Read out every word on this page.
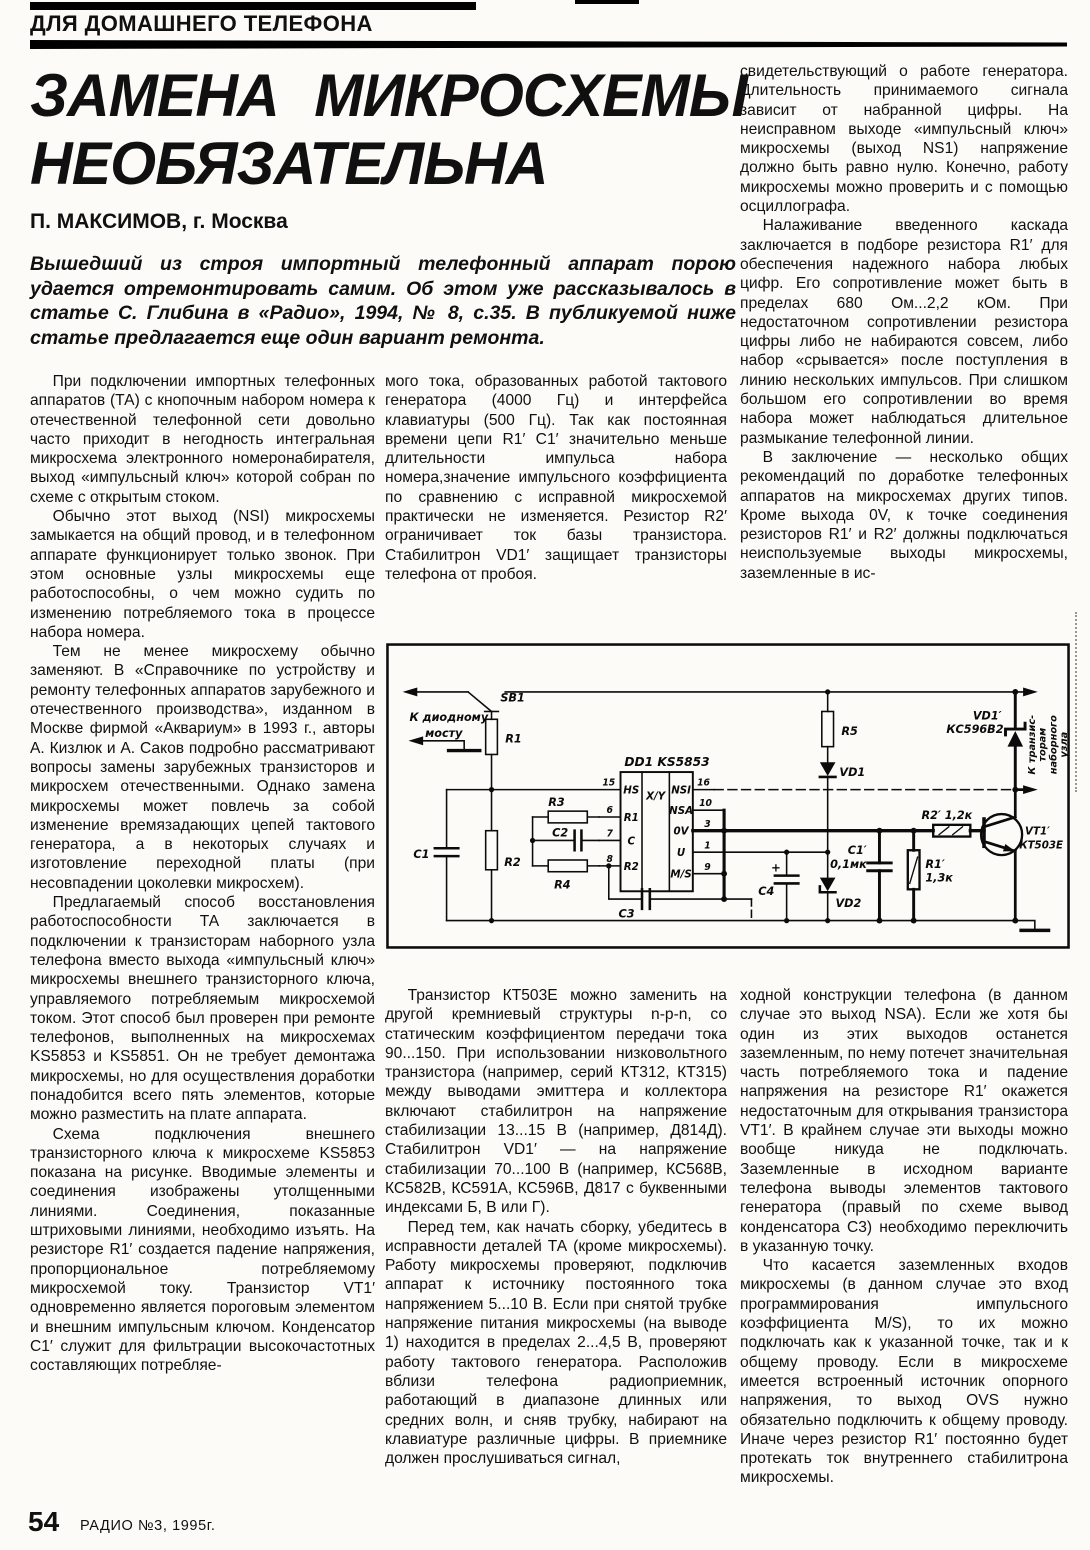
ДЛЯ ДОМАШНЕГО ТЕЛЕФОНА
ЗАМЕНА МИКРОСХЕМЫ
НЕОБЯЗАТЕЛЬНА
П. МАКСИМОВ, г. Москва
Вышедший из строя импортный телефонный аппарат порою удается отремонтировать самим. Об этом уже рассказывалось в статье С. Глибина в «Радио», 1994, № 8, с.35. В публикуемой ниже статье предлагается еще один вариант ремонта.

При подключении импортных телефонных аппаратов (ТА) с кнопочным набором номера к отечественной телефонной сети довольно часто приходит в негодность интегральная микросхема электронного номеронабирателя, выход «импульсный ключ» которой собран по схеме с открытым стоком.

Обычно этот выход (NSI) микросхемы замыкается на общий провод, и в телефонном аппарате функционирует только звонок. При этом основные узлы микросхемы еще работоспособны, о чем можно судить по изменению потребляемого тока в процессе набора номера.

Тем не менее микросхему обычно заменяют. В «Справочнике по устройству и ремонту телефонных аппаратов зарубежного и отечественного производства», изданном в Москве фирмой «Аквариум» в 1993 г., авторы А. Кизлюк и А. Саков подробно рассматривают вопросы замены зарубежных транзисторов и микросхем отечественными. Однако замена микросхемы может повлечь за собой изменение времязадающих цепей тактового генератора, а в некоторых случаях и изготовление переходной платы (при несовпадении цоколевки микросхем).

Предлагаемый способ восстановления работоспособности ТА заключается в подключении к транзисторам наборного узла телефона вместо выхода «импульсный ключ» микросхемы внешнего транзисторного ключа, управляемого потребляемым микросхемой током. Этот способ был проверен при ремонте телефонов, выполненных на микросхемах KS5853 и KS5851. Он не требует демонтажа микросхемы, но для осуществления доработки понадобится всего пять элементов, которые можно разместить на плате аппарата.

Схема подключения внешнего транзисторного ключа к микросхеме KS5853 показана на рисунке. Вводимые элементы и соединения изображены утолщенными линиями. Соединения, показанные штриховыми линиями, необходимо изъять. На резисторе R1′ создается падение напряжения, пропорциональное потребляемому микросхемой току. Транзистор VT1′ одновременно является пороговым элементом и внешним импульсным ключом. Конденсатор C1′ служит для фильтрации высокочастотных составляющих потребляе-

мого тока, образованных работой тактового генератора (4000 Гц) и интерфейса клавиатуры (500 Гц). Так как постоянная времени цепи R1′ C1′ значительно меньше длительности импульса набора номера,значение импульсного коэффициента по сравнению с исправной микросхемой практически не изменяется. Резистор R2′ ограничивает ток базы транзистора. Стабилитрон VD1′ защищает транзисторы телефона от пробоя.

свидетельствующий о работе генератора. Длительность принимаемого сигнала зависит от набранной цифры. На неисправном выходе «импульсный ключ» микросхемы (выход NS1) напряжение должно быть равно нулю. Конечно, работу микросхемы можно проверить и с помощью осциллографа.

Налаживание введенного каскада заключается в подборе резистора R1′ для обеспечения надежного набора любых цифр. Его сопротивление может быть в пределах 680 Ом...2,2 кОм. При недостаточном сопротивлении резистора цифры либо не набираются совсем, либо набор «срывается» после поступления в линию нескольких импульсов. При слишком большом его сопротивлении во время набора может наблюдаться длительное размыкание телефонной линии.

В заключение — несколько общих рекомендаций по доработке телефонных аппаратов на микросхемах других типов. Кроме выхода 0V, к точке соединения резисторов R1′ и R2′ должны подключаться неиспользуемые выходы микросхемы, заземленные в ис-

К диодному
мосту
SB1
R1
C1
R2
R3
C2
R4
C3
C4
+
R5
VD1
VD2
C1′
0,1мк	R1′
1,3к
R2′ 1,2к
VT1′
КТ503Е
VD1′
КС596В2
DD1 KS5853
X/Y
HS
R1
C
R2
NSI
NSA
0V
U
M/S
15
6
7
8
16
10
3
1
9
К транзис- торам наборного узла

Транзистор КТ503Е можно заменить на другой кремниевый структуры n-p-n, со статическим коэффициентом передачи тока 90...150. При использовании низковольтного транзистора (например, серий КТ312, КТ315) между выводами эмиттера и коллектора включают стабилитрон на напряжение стабилизации 13...15 В (например, Д814Д). Стабилитрон VD1′ — на напряжение стабилизации 70...100 В (например, КС568В, КС582В, КС591А, КС596В, Д817 с буквенными индексами Б, В или Г).

Перед тем, как начать сборку, убедитесь в исправности деталей ТА (кроме микросхемы). Работу микросхемы проверяют, подключив аппарат к источнику постоянного тока напряжением 5...10 В. Если при снятой трубке напряжение питания микросхемы (на выводе 1) находится в пределах 2...4,5 В, проверяют работу тактового генератора. Расположив вблизи телефона радиоприемник, работающий в диапазоне длинных или средних волн, и сняв трубку, набирают на клавиатуре различные цифры. В приемнике должен прослушиваться сигнал,

ходной конструкции телефона (в данном случае это выход NSA). Если же хотя бы один из этих выходов останется заземленным, по нему потечет значительная часть потребляемого тока и падение напряжения на резисторе R1′ окажется недостаточным для открывания транзистора VT1′. В крайнем случае эти выходы можно вообще никуда не подключать. Заземленные в исходном варианте телефона выводы элементов тактового генератора (правый по схеме вывод конденсатора С3) необходимо переключить в указанную точку.

Что касается заземленных входов микросхемы (в данном случае это вход программирования импульсного коэффициента M/S), то их можно подключать как к указанной точке, так и к общему проводу. Если в микросхеме имеется встроенный источник опорного напряжения, то выход OVS нужно обязательно подключить к общему проводу. Иначе через резистор R1′ постоянно будет протекать ток внутреннего стабилитрона микросхемы.

54 РАДИО №3, 1995г.
